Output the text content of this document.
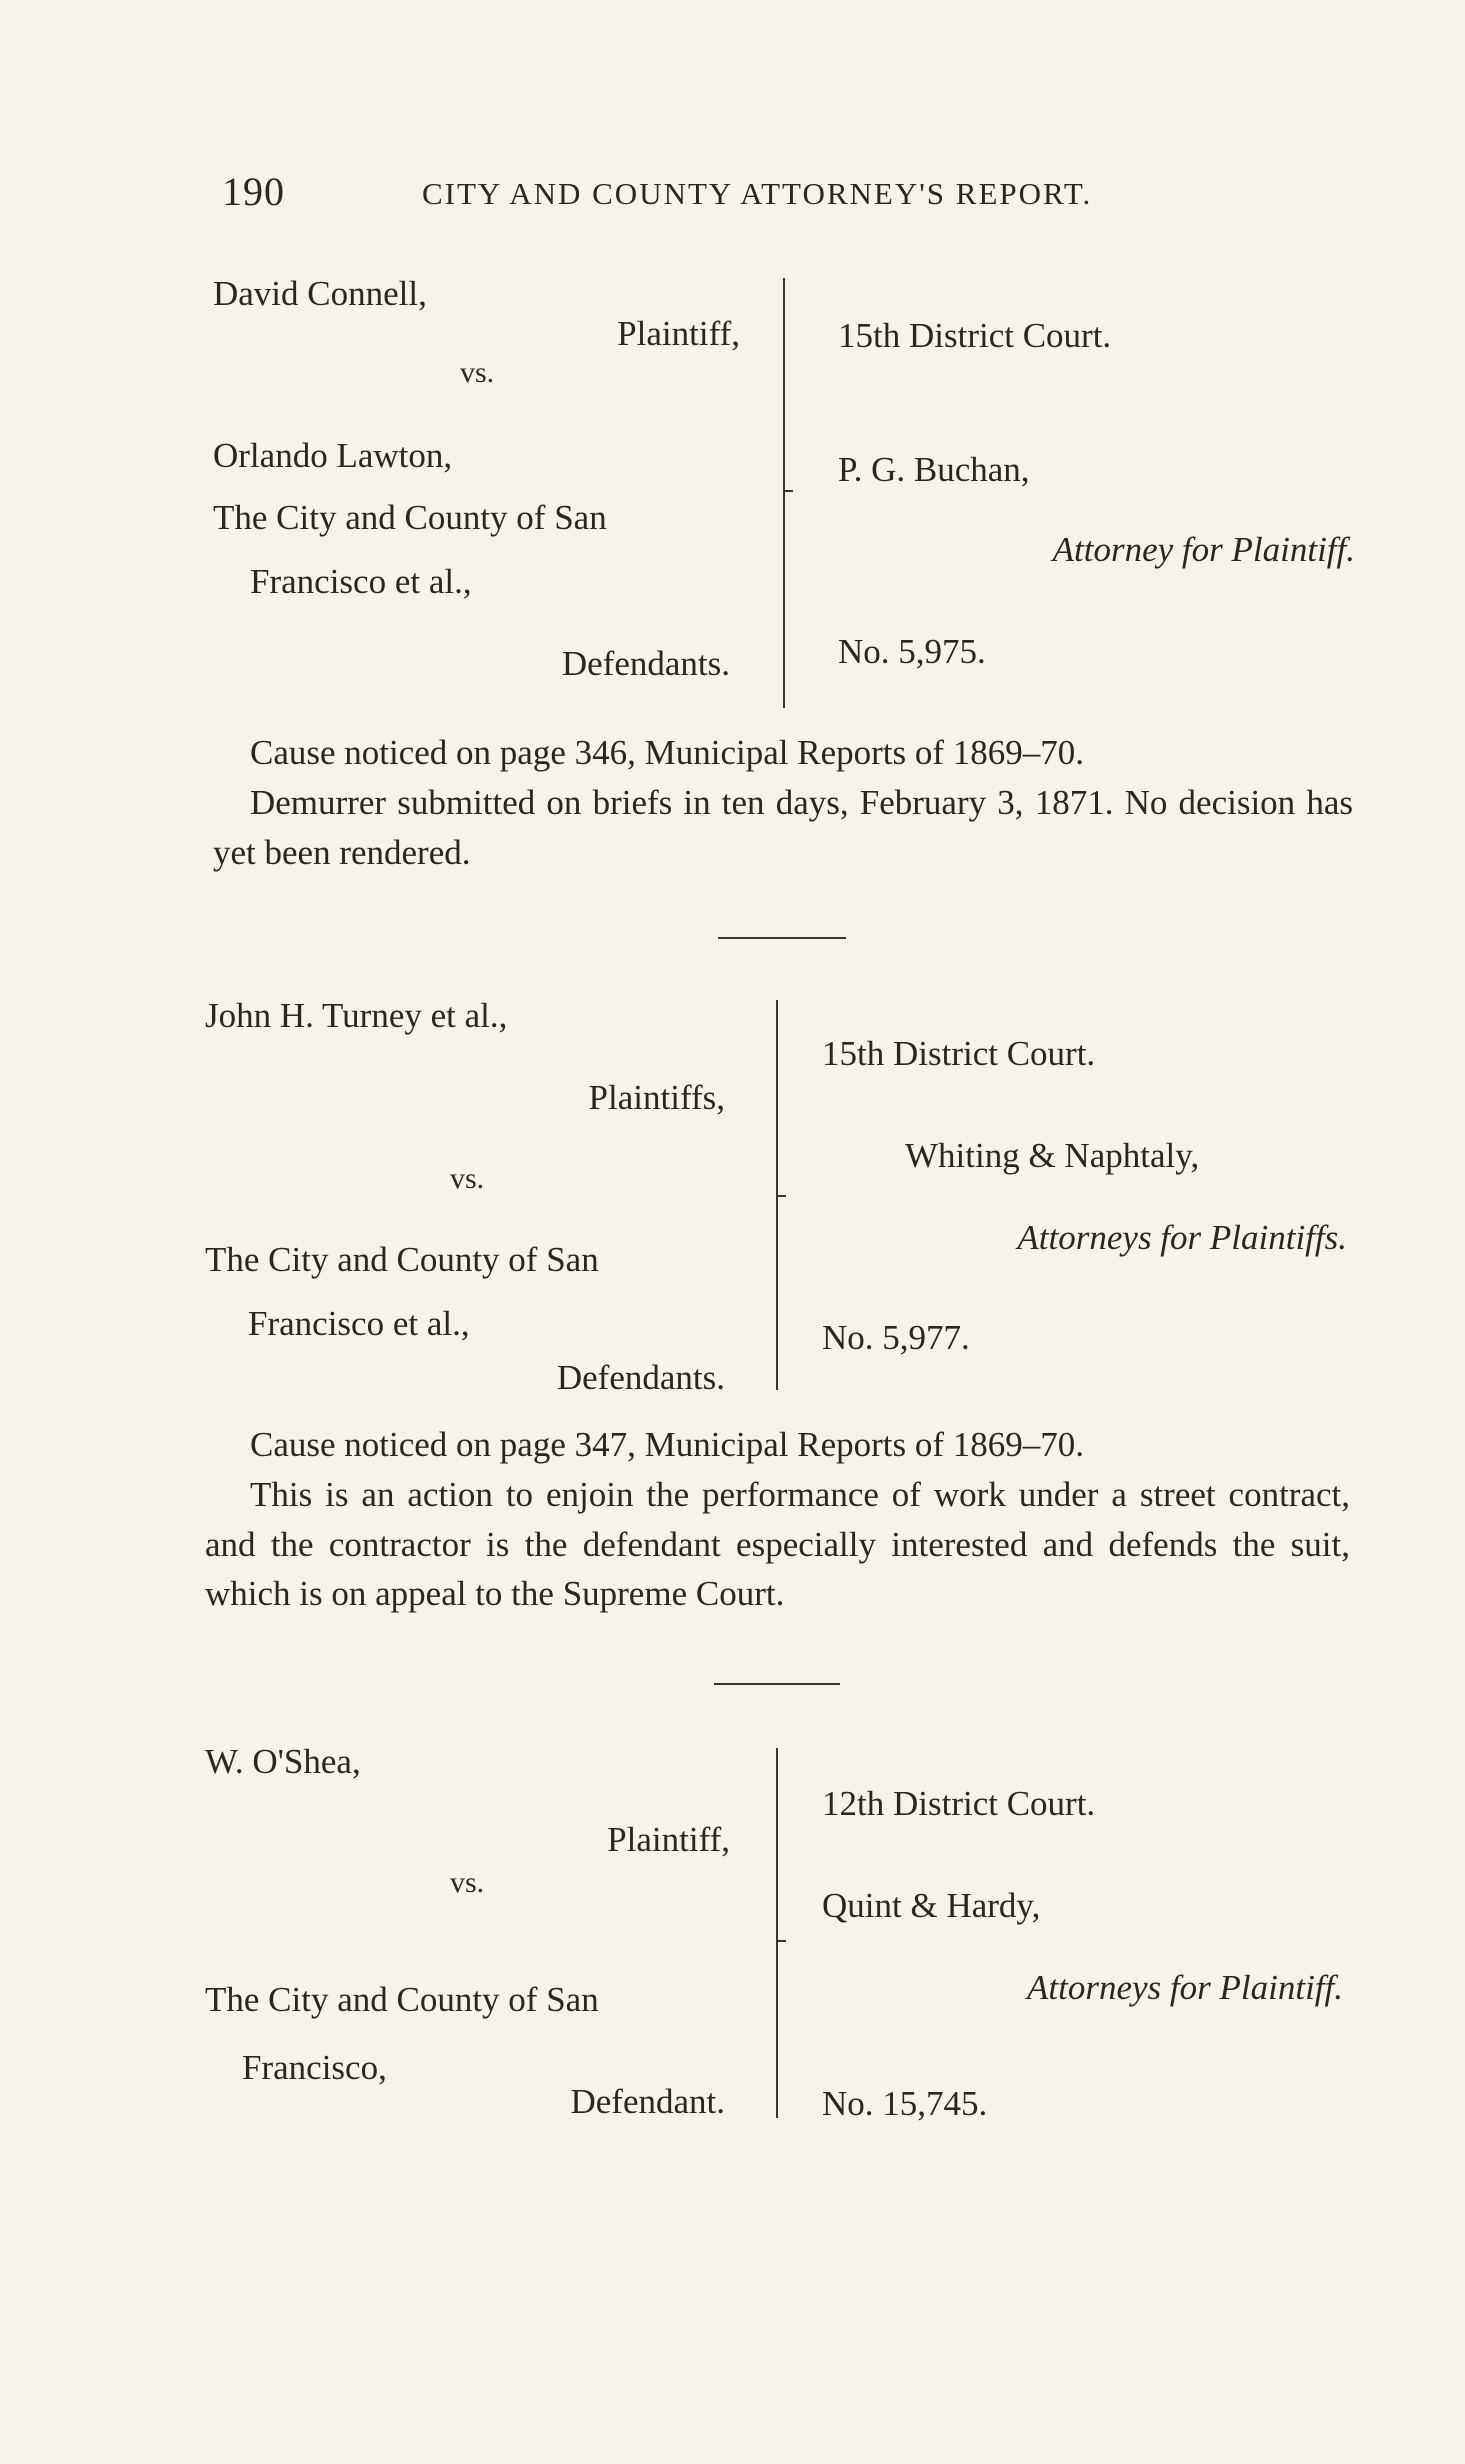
190	CITY AND COUNTY ATTORNEY'S REPORT.
David Connell,
Plaintiff,
vs.
Orlando Lawton,
The City and County of San
Francisco et al.,
Defendants.
15th District Court.
P. G. Buchan,
Attorney for Plaintiff.
No. 5,975.
Cause noticed on page 346, Municipal Reports of 1869–70.
Demurrer submitted on briefs in ten days, February 3, 1871. No decision has yet been rendered.
John H. Turney et al.,
Plaintiffs,
vs.
The City and County of San
Francisco et al.,
Defendants.
15th District Court.
Whiting & Naphtaly,
Attorneys for Plaintiffs.
No. 5,977.
Cause noticed on page 347, Municipal Reports of 1869–70.
This is an action to enjoin the performance of work under a street contract, and the contractor is the defendant especially interested and defends the suit, which is on appeal to the Supreme Court.
W. O'Shea,
Plaintiff,
vs.
The City and County of San
Francisco,
Defendant.
12th District Court.
Quint & Hardy,
Attorneys for Plaintiff.
No. 15,745.
